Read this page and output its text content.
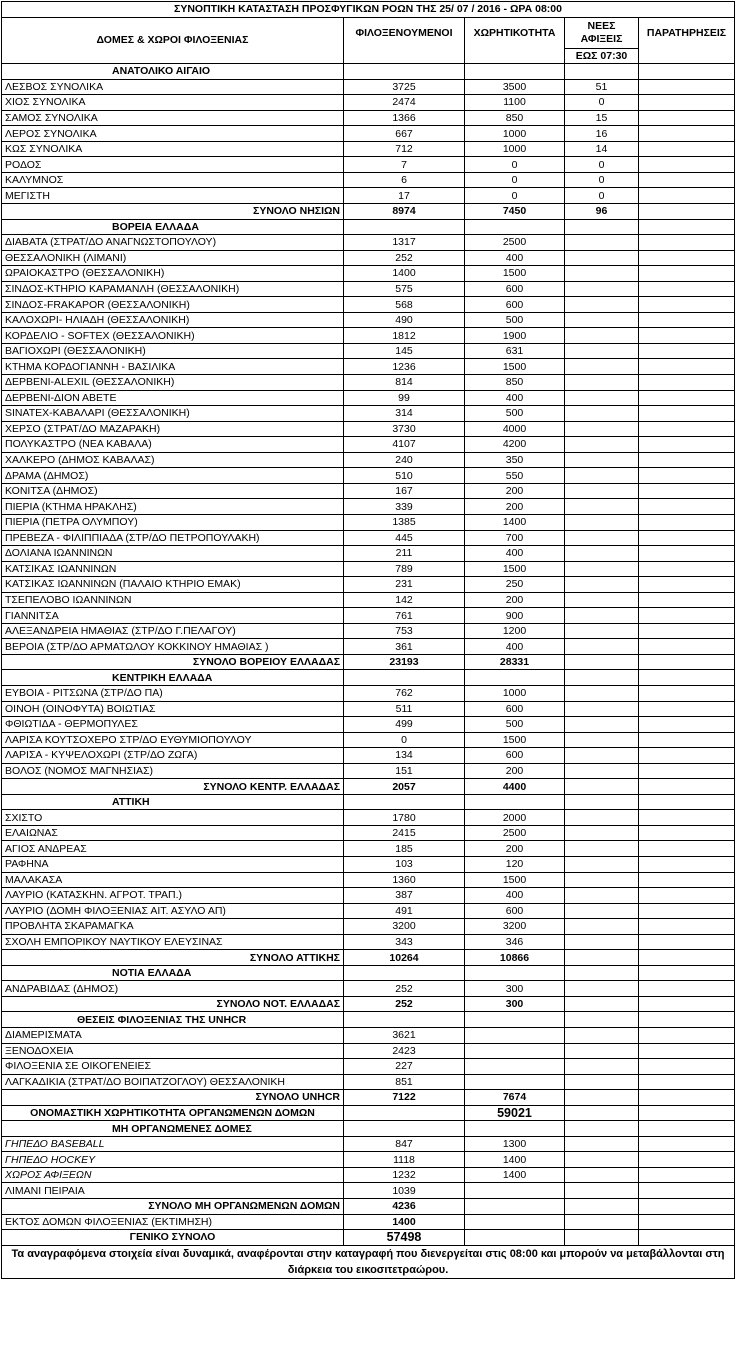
ΣΥΝΟΠΤΙΚΗ ΚΑΤΑΣΤΑΣΗ ΠΡΟΣΦΥΓΙΚΩΝ ΡΟΩΝ ΤΗΣ 25/ 07 / 2016 - ΩΡΑ 08:00				
ΔΟΜΕΣ & ΧΩΡΟΙ ΦΙΛΟΞΕΝΙΑΣ	ΦΙΛΟΞΕΝΟΥΜΕΝΟΙ	ΧΩΡΗΤΙΚΟΤΗΤΑ	ΝΕΕΣ ΑΦΙΞΕΙΣ	ΠΑΡΑΤΗΡΗΣΕΙΣ
			ΕΩΣ 07:30	
ΑΝΑΤΟΛΙΚΟ ΑΙΓΑΙΟ				
ΛΕΣΒΟΣ ΣΥΝΟΛΙΚΑ	3725	3500	51	
ΧΙΟΣ ΣΥΝΟΛΙΚΑ	2474	1100	0	
ΣΑΜΟΣ ΣΥΝΟΛΙΚΑ	1366	850	15	
ΛΕΡΟΣ ΣΥΝΟΛΙΚΑ	667	1000	16	
ΚΩΣ ΣΥΝΟΛΙΚΑ	712	1000	14	
ΡΟΔΟΣ	7	0	0	
ΚΑΛΥΜΝΟΣ	6	0	0	
ΜΕΓΙΣΤΗ	17	0	0	
ΣΥΝΟΛΟ ΝΗΣΙΩΝ	8974	7450	96	
ΒΟΡΕΙΑ ΕΛΛΑΔΑ				
ΔΙΑΒΑΤΑ (ΣΤΡΑΤ/ΔΟ ΑΝΑΓΝΩΣΤΟΠΟΥΛΟΥ)	1317	2500		
ΘΕΣΣΑΛΟΝΙΚΗ (ΛΙΜΑΝΙ)	252	400		
ΩΡΑΙΟΚΑΣΤΡΟ (ΘΕΣΣΑΛΟΝΙΚΗ)	1400	1500		
ΣΙΝΔΟΣ-ΚΤΗΡΙΟ ΚΑΡΑΜΑΝΛΗ (ΘΕΣΣΑΛΟΝΙΚΗ)	575	600		
ΣΙΝΔΟΣ-FRAKAPOR (ΘΕΣΣΑΛΟΝΙΚΗ)	568	600		
ΚΑΛΟΧΩΡΙ- ΗΛΙΑΔΗ (ΘΕΣΣΑΛΟΝΙΚΗ)	490	500		
ΚΟΡΔΕΛΙΟ - SOFTEX (ΘΕΣΣΑΛΟΝΙΚΗ)	1812	1900		
ΒΑΓΙΟΧΩΡΙ (ΘΕΣΣΑΛΟΝΙΚΗ)	145	631		
ΚΤΗΜΑ ΚΟΡΔΟΓΙΑΝΝΗ - ΒΑΣΙΛΙΚΑ	1236	1500		
ΔΕΡΒΕΝΙ-ALEXIL (ΘΕΣΣΑΛΟΝΙΚΗ)	814	850		
ΔΕΡΒΕΝΙ-ΔΙΟΝ ΑΒΕΤΕ	99	400		
SINATEX-ΚΑΒΑΛΑΡΙ (ΘΕΣΣΑΛΟΝΙΚΗ)	314	500		
ΧΕΡΣΟ (ΣΤΡΑΤ/ΔΟ ΜΑΖΑΡΑΚΗ)	3730	4000		
ΠΟΛΥΚΑΣΤΡΟ (ΝΕΑ ΚΑΒΑΛΑ)	4107	4200		
ΧΑΛΚΕΡΟ (ΔΗΜΟΣ ΚΑΒΑΛΑΣ)	240	350		
ΔΡΑΜΑ (ΔΗΜΟΣ)	510	550		
ΚΟΝΙΤΣΑ (ΔΗΜΟΣ)	167	200		
ΠΙΕΡΙΑ (ΚΤΗΜΑ ΗΡΑΚΛΗΣ)	339	200		
ΠΙΕΡΙΑ (ΠΕΤΡΑ ΟΛΥΜΠΟΥ)	1385	1400		
ΠΡΕΒΕΖΑ - ΦΙΛΙΠΠΙΑΔΑ (ΣΤΡ/ΔΟ ΠΕΤΡΟΠΟΥΛΑΚΗ)	445	700		
ΔΟΛΙΑΝΑ ΙΩΑΝΝΙΝΩΝ	211	400		
ΚΑΤΣΙΚΑΣ ΙΩΑΝΝΙΝΩΝ	789	1500		
ΚΑΤΣΙΚΑΣ ΙΩΑΝΝΙΝΩΝ (ΠΑΛΑΙΟ ΚΤΗΡΙΟ ΕΜΑΚ)	231	250		
ΤΣΕΠΕΛΟΒΟ ΙΩΑΝΝΙΝΩΝ	142	200		
ΓΙΑΝΝΙΤΣΑ	761	900		
ΑΛΕΞΑΝΔΡΕΙΑ ΗΜΑΘΙΑΣ (ΣΤΡ/ΔΟ Γ.ΠΕΛΑΓΟΥ)	753	1200		
ΒΕΡΟΙΑ (ΣΤΡ/ΔΟ ΑΡΜΑΤΩΛΟΥ ΚΟΚΚΙΝΟΥ ΗΜΑΘΙΑΣ )	361	400		
ΣΥΝΟΛΟ ΒΟΡΕΙΟΥ ΕΛΛΑΔΑΣ	23193	28331		
ΚΕΝΤΡΙΚΗ ΕΛΛΑΔΑ				
ΕΥΒΟΙΑ - ΡΙΤΣΩΝΑ (ΣΤΡ/ΔΟ ΠΑ)	762	1000		
ΟΙΝΟΗ (ΟΙΝΟΦΥΤΑ) ΒΟΙΩΤΙΑΣ	511	600		
ΦΘΙΩΤΙΔΑ - ΘΕΡΜΟΠΥΛΕΣ	499	500		
ΛΑΡΙΣΑ ΚΟΥΤΣΟΧΕΡΟ ΣΤΡ/ΔΟ ΕΥΘΥΜΙΟΠΟΥΛΟΥ	0	1500		
ΛΑΡΙΣΑ - ΚΥΨΕΛΟΧΩΡΙ (ΣΤΡ/ΔΟ ΖΩΓΑ)	134	600		
ΒΟΛΟΣ (ΝΟΜΟΣ ΜΑΓΝΗΣΙΑΣ)	151	200		
ΣΥΝΟΛΟ ΚΕΝΤΡ. ΕΛΛΑΔΑΣ	2057	4400		
ΑΤΤΙΚΗ				
ΣΧΙΣΤΟ	1780	2000		
ΕΛΑΙΩΝΑΣ	2415	2500		
ΑΓΙΟΣ ΑΝΔΡΕΑΣ	185	200		
ΡΑΦΗΝΑ	103	120		
ΜΑΛΑΚΑΣΑ	1360	1500		
ΛΑΥΡΙΟ (ΚΑΤΑΣΚΗΝ. ΑΓΡΟΤ. ΤΡΑΠ.)	387	400		
ΛΑΥΡΙΟ (ΔΟΜΗ ΦΙΛΟΞΕΝΙΑΣ ΑΙΤ. ΑΣΥΛΟ ΑΠ)	491	600		
ΠΡΟΒΛΗΤΑ ΣΚΑΡΑΜΑΓΚΑ	3200	3200		
ΣΧΟΛΗ ΕΜΠΟΡΙΚΟΥ ΝΑΥΤΙΚΟΥ ΕΛΕΥΣΙΝΑΣ	343	346		
ΣΥΝΟΛΟ ΑΤΤΙΚΗΣ	10264	10866		
ΝΟΤΙΑ ΕΛΛΑΔΑ				
ΑΝΔΡΑΒΙΔΑΣ (ΔΗΜΟΣ)	252	300		
ΣΥΝΟΛΟ ΝΟΤ. ΕΛΛΑΔΑΣ	252	300		
ΘΕΣΕΙΣ ΦΙΛΟΞΕΝΙΑΣ ΤΗΣ UNHCR				
ΔΙΑΜΕΡΙΣΜΑΤΑ	3621			
ΞΕΝΟΔΟΧΕΙΑ	2423			
ΦΙΛΟΞΕΝΙΑ ΣΕ ΟΙΚΟΓΕΝΕΙΕΣ	227			
ΛΑΓΚΑΔΙΚΙΑ (ΣΤΡΑΤ/ΔΟ ΒΟΙΠΑΤΖΟΓΛΟΥ) ΘΕΣΣΑΛΟΝΙΚΗ	851			
ΣΥΝΟΛΟ UNHCR	7122	7674		
ΟΝΟΜΑΣΤΙΚΗ ΧΩΡΗΤΙΚΟΤΗΤΑ ΟΡΓΑΝΩΜΕΝΩΝ ΔΟΜΩΝ		59021		
ΜΗ ΟΡΓΑΝΩΜΕΝΕΣ ΔΟΜΕΣ				
ΓΗΠΕΔΟ BASEBALL	847	1300		
ΓΗΠΕΔΟ HOCKEY	1118	1400		
ΧΩΡΟΣ ΑΦΙΞΕΩΝ	1232	1400		
ΛΙΜΑΝΙ ΠΕΙΡΑΙΑ	1039			
ΣΥΝΟΛΟ ΜΗ ΟΡΓΑΝΩΜΕΝΩΝ ΔΟΜΩΝ	4236			
ΕΚΤΟΣ ΔΟΜΩΝ ΦΙΛΟΞΕΝΙΑΣ (ΕΚΤΙΜΗΣΗ)	1400			
ΓΕΝΙΚΟ ΣΥΝΟΛΟ	57498			
Τα αναγραφόμενα στοιχεία είναι δυναμικά, αναφέρονται στην καταγραφή που διενεργείται στις 08:00 και μπορούν να μεταβάλλονται στη διάρκεια του εικοσιτετραώρου.				
